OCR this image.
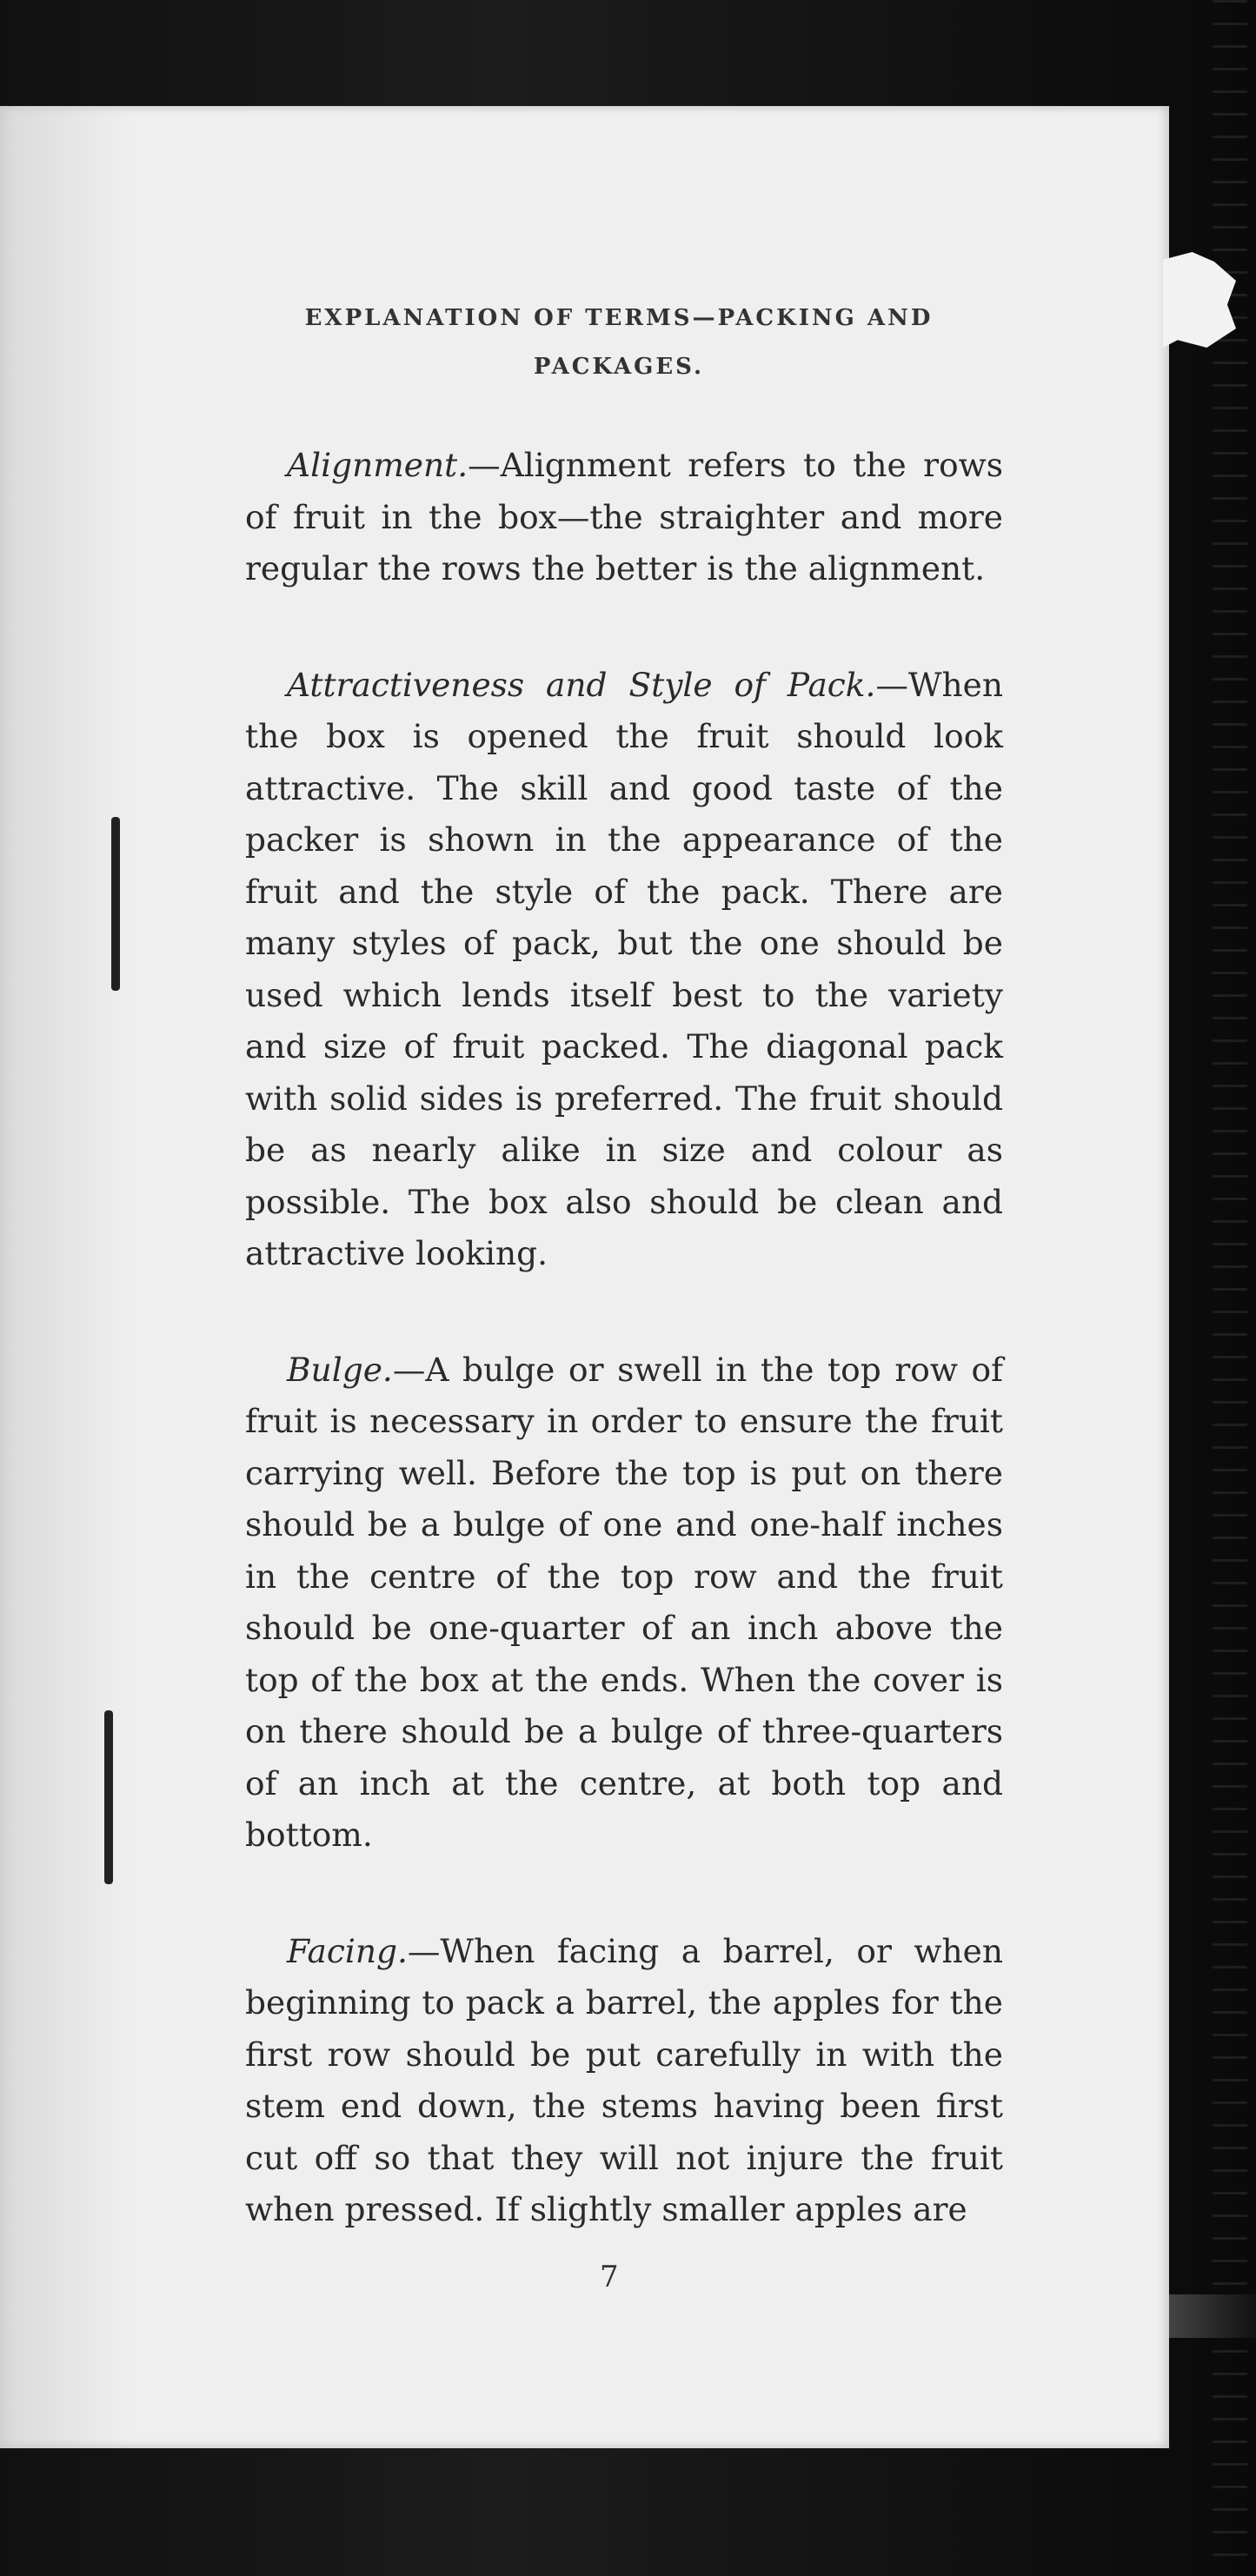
EXPLANATION OF TERMS—PACKING AND PACKAGES.

Alignment.—Alignment refers to the rows of fruit in the box—the straighter and more regular the rows the better is the alignment.

Attractiveness and Style of Pack.—When the box is opened the fruit should look attractive. The skill and good taste of the packer is shown in the appearance of the fruit and the style of the pack. There are many styles of pack, but the one should be used which lends itself best to the variety and size of fruit packed. The diagonal pack with solid sides is preferred. The fruit should be as nearly alike in size and colour as possible. The box also should be clean and attractive looking.

Bulge.—A bulge or swell in the top row of fruit is necessary in order to ensure the fruit carrying well. Before the top is put on there should be a bulge of one and one-half inches in the centre of the top row and the fruit should be one-quarter of an inch above the top of the box at the ends. When the cover is on there should be a bulge of three-quarters of an inch at the centre, at both top and bottom.

Facing.—When facing a barrel, or when beginning to pack a barrel, the apples for the first row should be put carefully in with the stem end down, the stems having been first cut off so that they will not injure the fruit when pressed. If slightly smaller apples are

7
